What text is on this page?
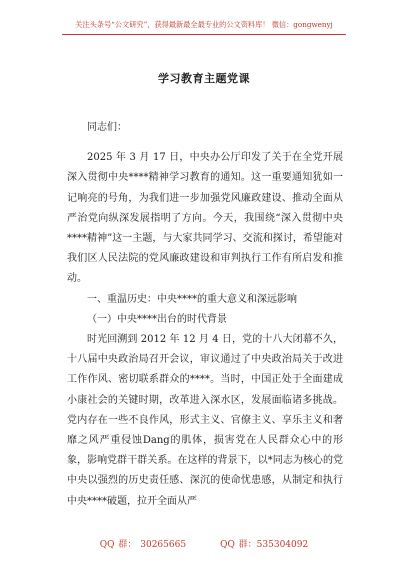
关注头条号“公文研究”，获得最新最全最专业的公文资料库！ 微信：gongwenyj
学习教育主题党课

同志们：

2025 年 3 月 17 日，中央办公厅印发了关于在全党开展深入贯彻中央****精神学习教育的通知。这一重要通知犹如一记响亮的号角，为我们进一步加强党风廉政建设、推动全面从严治党向纵深发展指明了方向。今天，我围绕“深入贯彻中央****精神”这一主题，与大家共同学习、交流和探讨，希望能对我们区人民法院的党风廉政建设和审判执行工作有所启发和推动。

一、重温历史：中央****的重大意义和深远影响

（一）中央****出台的时代背景

时光回溯到 2012 年 12 月 4 日，党的十八大闭幕不久，十八届中央政治局召开会议，审议通过了中央政治局关于改进工作作风、密切联系群众的****。当时，中国正处于全面建成小康社会的关键时期，改革进入深水区，发展面临诸多挑战。党内存在一些不良作风，形式主义、官僚主义、享乐主义和奢靡之风严重侵蚀Dang的肌体，损害党在人民群众心中的形象，影响党群干群关系。在这样的背景下，以*同志为核心的党中央以强烈的历史责任感、深沉的使命忧患感，从制定和执行中央****破题，拉开全面从严

QQ 群： 30265665	QQ 群：535304092
